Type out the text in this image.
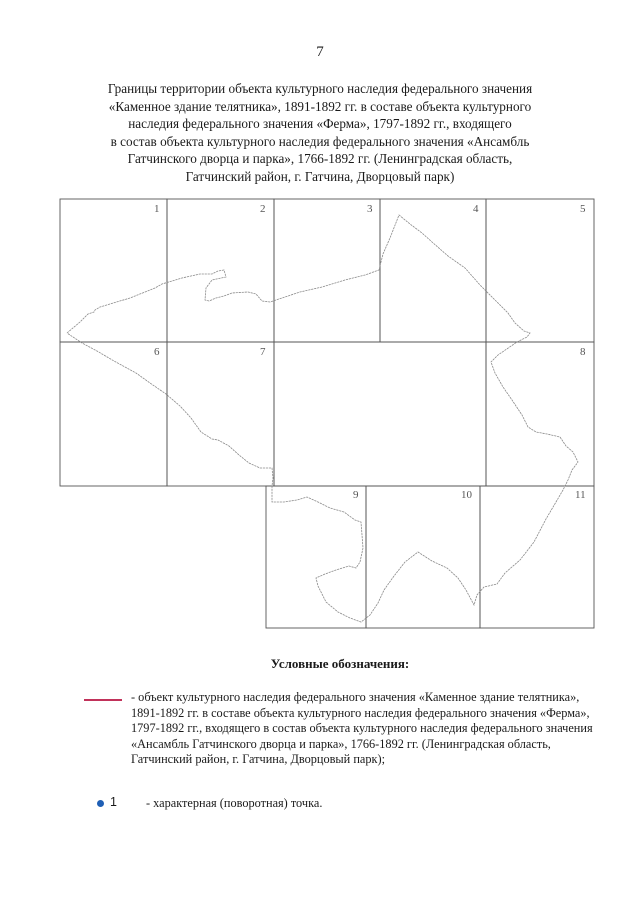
7
Границы территории объекта культурного наследия федерального значения
«Каменное здание телятника», 1891-1892 гг. в составе объекта культурного
наследия федерального значения «Ферма», 1797-1892 гг., входящего
в состав объекта культурного наследия федерального значения «Ансамбль
Гатчинского дворца и парка», 1766-1892 гг. (Ленинградская область,
Гатчинский район, г. Гатчина, Дворцовый парк)
1	2	3	4	5
6	7	8
9	10	11
Условные обозначения:
- объект культурного наследия федерального значения «Каменное здание телятника», 1891-1892 гг. в составе объекта культурного наследия федерального значения «Ферма», 1797-1892 гг., входящего в состав объекта культурного наследия федерального значения «Ансамбль Гатчинского дворца и парка», 1766-1892 гг. (Ленинградская область, Гатчинский район, г. Гатчина, Дворцовый парк);
1 - характерная (поворотная) точка.
